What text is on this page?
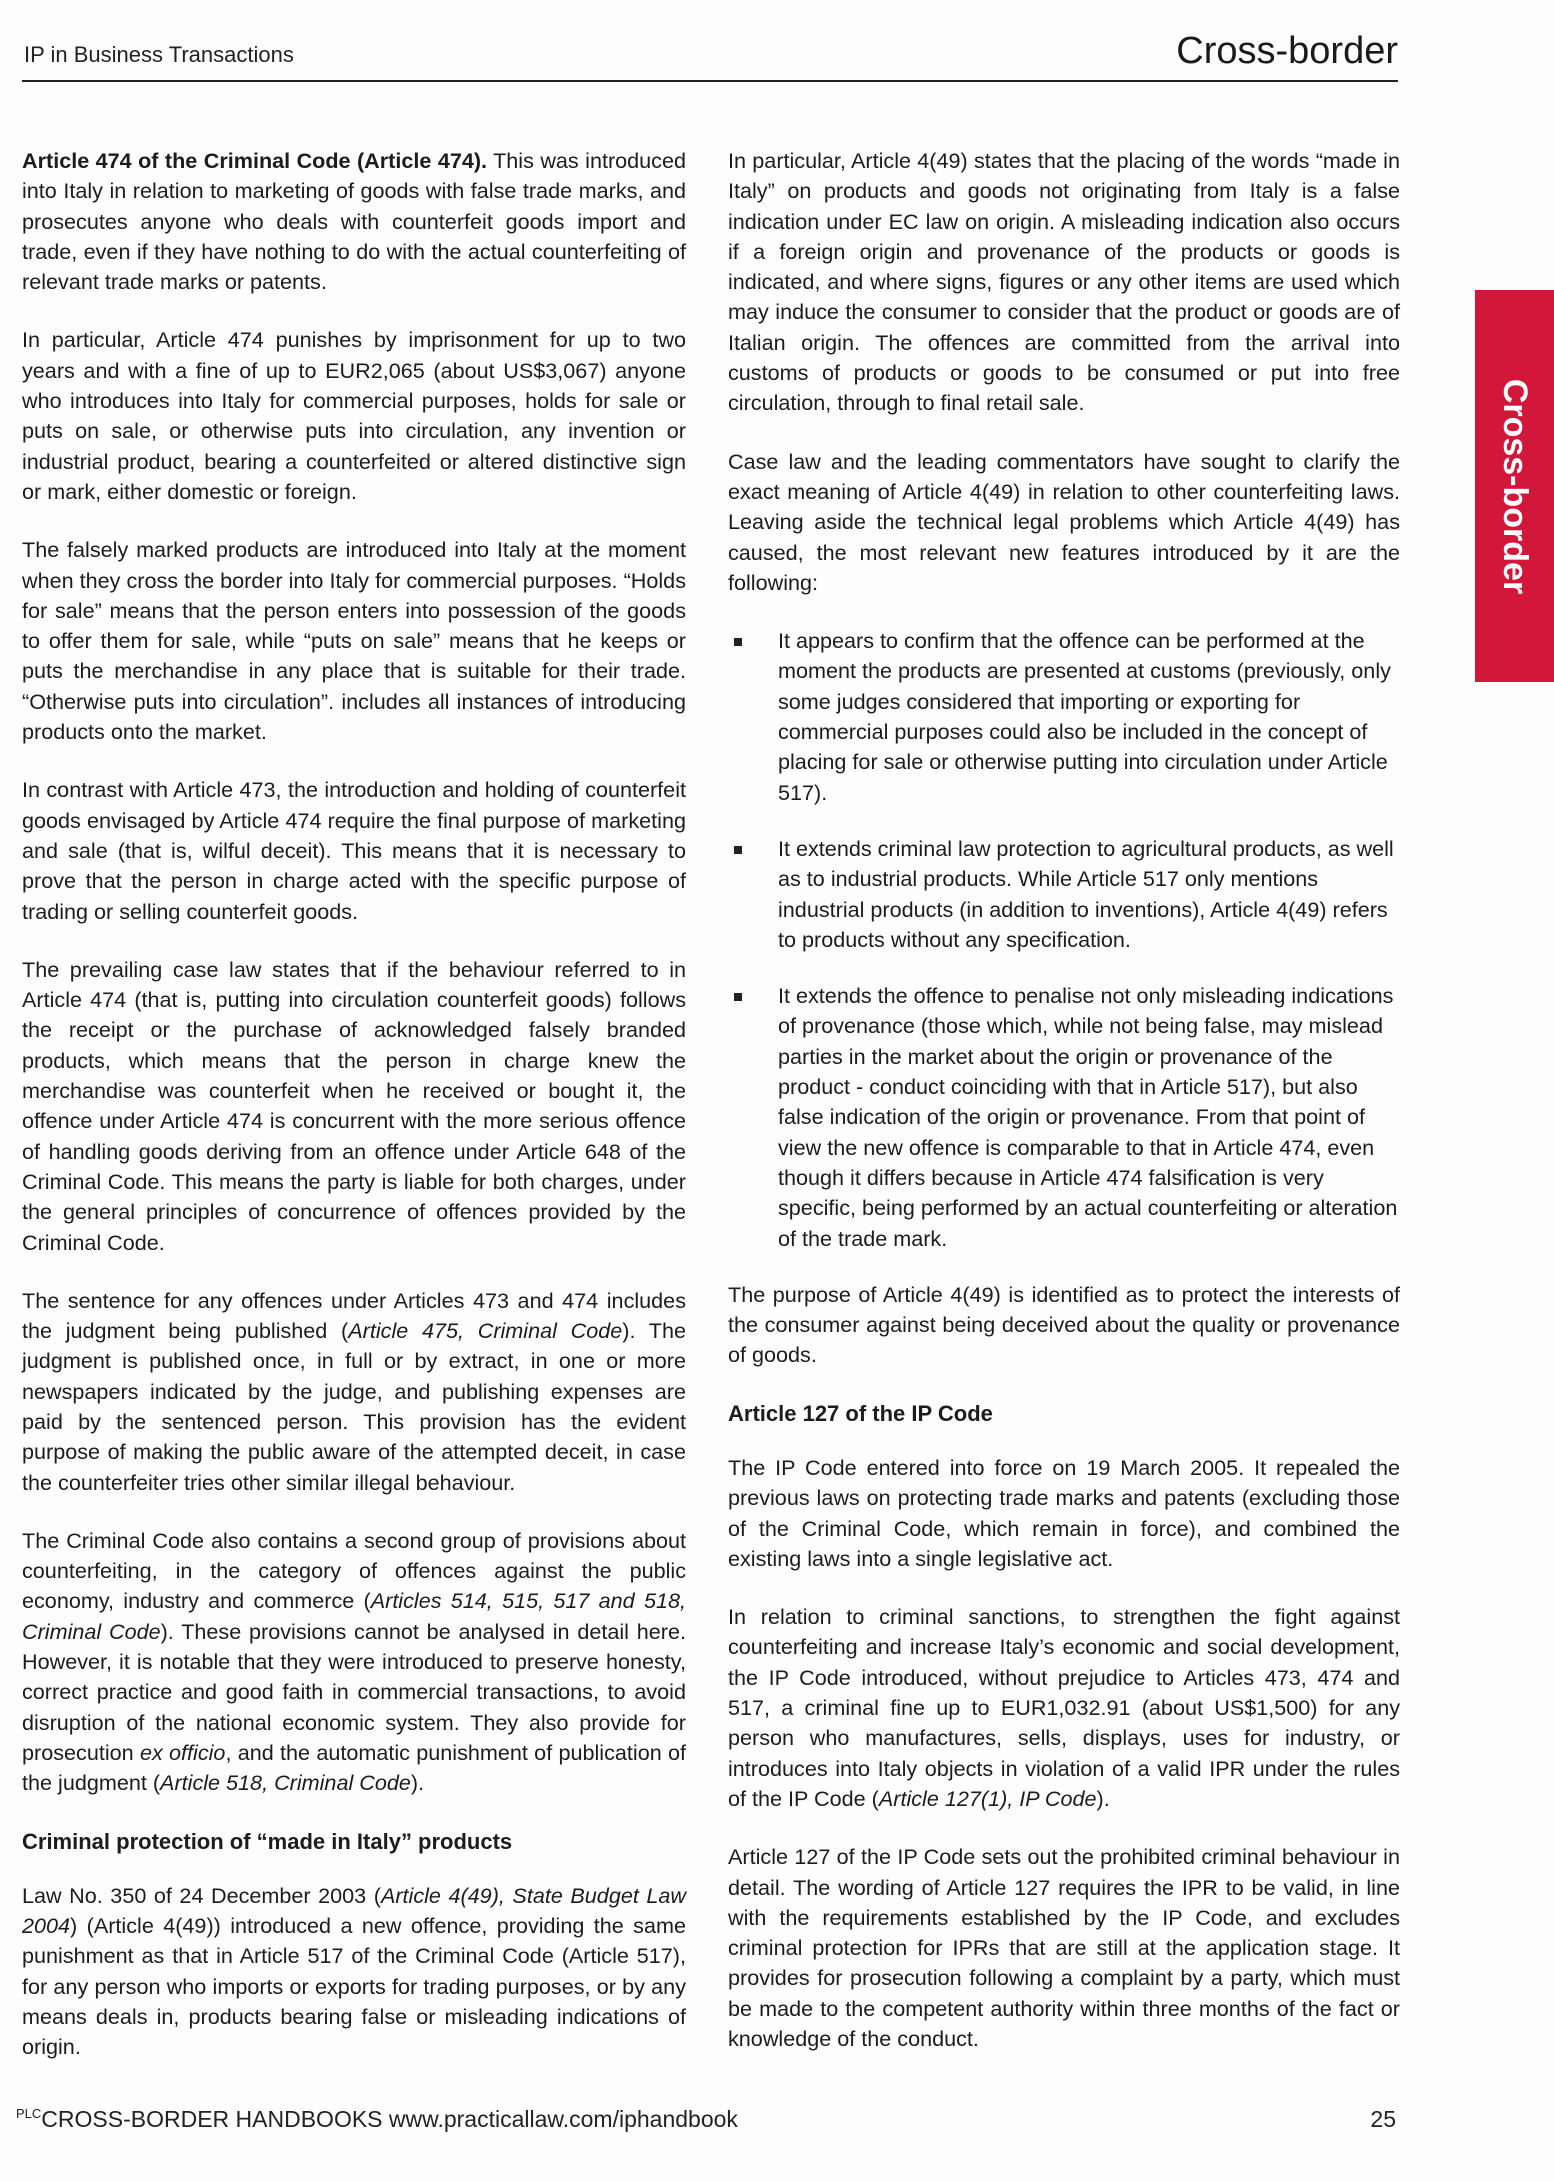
IP in Business Transactions	Cross-border
Cross-border

Article 474 of the Criminal Code (Article 474). This was introduced into Italy in relation to marketing of goods with false trade marks, and prosecutes anyone who deals with counterfeit goods import and trade, even if they have nothing to do with the actual counterfeiting of relevant trade marks or patents.

In particular, Article 474 punishes by imprisonment for up to two years and with a fine of up to EUR2,065 (about US$3,067) anyone who introduces into Italy for commercial purposes, holds for sale or puts on sale, or otherwise puts into circulation, any invention or industrial product, bearing a counterfeited or altered distinctive sign or mark, either domestic or foreign.

The falsely marked products are introduced into Italy at the moment when they cross the border into Italy for commercial purposes. “Holds for sale” means that the person enters into possession of the goods to offer them for sale, while “puts on sale” means that he keeps or puts the merchandise in any place that is suitable for their trade. “Otherwise puts into circulation”. includes all instances of introducing products onto the market.

In contrast with Article 473, the introduction and holding of counterfeit goods envisaged by Article 474 require the final purpose of marketing and sale (that is, wilful deceit). This means that it is necessary to prove that the person in charge acted with the specific purpose of trading or selling counterfeit goods.

The prevailing case law states that if the behaviour referred to in Article 474 (that is, putting into circulation counterfeit goods) follows the receipt or the purchase of acknowledged falsely branded products, which means that the person in charge knew the merchandise was counterfeit when he received or bought it, the offence under Article 474 is concurrent with the more serious offence of handling goods deriving from an offence under Article 648 of the Criminal Code. This means the party is liable for both charges, under the general principles of concurrence of offences provided by the Criminal Code.

The sentence for any offences under Articles 473 and 474 includes the judgment being published (Article 475, Criminal Code). The judgment is published once, in full or by extract, in one or more newspapers indicated by the judge, and publishing expenses are paid by the sentenced person. This provision has the evident purpose of making the public aware of the attempted deceit, in case the counterfeiter tries other similar illegal behaviour.

The Criminal Code also contains a second group of provisions about counterfeiting, in the category of offences against the public economy, industry and commerce (Articles 514, 515, 517 and 518, Criminal Code). These provisions cannot be analysed in detail here. However, it is notable that they were introduced to preserve honesty, correct practice and good faith in commercial transactions, to avoid disruption of the national economic system. They also provide for prosecution ex officio, and the automatic punishment of publication of the judgment (Article 518, Criminal Code).

Criminal protection of “made in Italy” products

Law No. 350 of 24 December 2003 (Article 4(49), State Budget Law 2004) (Article 4(49)) introduced a new offence, providing the same punishment as that in Article 517 of the Criminal Code (Article 517), for any person who imports or exports for trading purposes, or by any means deals in, products bearing false or misleading indications of origin.

In particular, Article 4(49) states that the placing of the words “made in Italy” on products and goods not originating from Italy is a false indication under EC law on origin. A misleading indication also occurs if a foreign origin and provenance of the products or goods is indicated, and where signs, figures or any other items are used which may induce the consumer to consider that the product or goods are of Italian origin. The offences are committed from the arrival into customs of products or goods to be consumed or put into free circulation, through to final retail sale.

Case law and the leading commentators have sought to clarify the exact meaning of Article 4(49) in relation to other counterfeiting laws. Leaving aside the technical legal problems which Article 4(49) has caused, the most relevant new features introduced by it are the following:

It appears to confirm that the offence can be performed at the moment the products are presented at customs (previously, only some judges considered that importing or exporting for commercial purposes could also be included in the concept of placing for sale or otherwise putting into circulation under Article 517).
It extends criminal law protection to agricultural products, as well as to industrial products. While Article 517 only mentions industrial products (in addition to inventions), Article 4(49) refers to products without any specification.
It extends the offence to penalise not only misleading indications of provenance (those which, while not being false, may mislead parties in the market about the origin or provenance of the product - conduct coinciding with that in Article 517), but also false indication of the origin or provenance. From that point of view the new offence is comparable to that in Article 474, even though it differs because in Article 474 falsification is very specific, being performed by an actual counterfeiting or alteration of the trade mark.

The purpose of Article 4(49) is identified as to protect the interests of the consumer against being deceived about the quality or provenance of goods.

Article 127 of the IP Code

The IP Code entered into force on 19 March 2005. It repealed the previous laws on protecting trade marks and patents (excluding those of the Criminal Code, which remain in force), and combined the existing laws into a single legislative act.

In relation to criminal sanctions, to strengthen the fight against counterfeiting and increase Italy’s economic and social development, the IP Code introduced, without prejudice to Articles 473, 474 and 517, a criminal fine up to EUR1,032.91 (about US$1,500) for any person who manufactures, sells, displays, uses for industry, or introduces into Italy objects in violation of a valid IPR under the rules of the IP Code (Article 127(1), IP Code).

Article 127 of the IP Code sets out the prohibited criminal behaviour in detail. The wording of Article 127 requires the IPR to be valid, in line with the requirements established by the IP Code, and excludes criminal protection for IPRs that are still at the application stage. It provides for prosecution following a complaint by a party, which must be made to the competent authority within three months of the fact or knowledge of the conduct.

$^{PLC}$CROSS-BORDER HANDBOOKS www.practicallaw.com/iphandbook	25
